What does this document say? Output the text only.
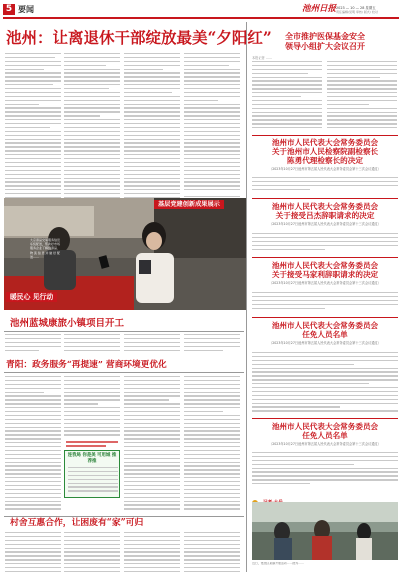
5 要闻	池州日报 2023 — 10 — 28 星期五
责任编辑/吴明 审核/ 版式/ 校对
池州：让离退休干部绽放最美“夕阳红”	全市推护医保基金安全
领导小组扩大会议召开
本报记者 ……
池州市人民代表大会常务委员会
关于池州市人民检察院副检察长
陈勇代理检察长的决定
（2023年10月27日池州市第五届人民代表大会常务委员会第十三次会议通过）
池州市人民代表大会常务委员会
关于接受吕杰辞职请求的决定
（2023年10月27日池州市第五届人民代表大会常务委员会第十三次会议通过）
池州市人民代表大会常务委员会
关于接受马家利辞职请求的决定
（2023年10月27日池州市第五届人民代表大会常务委员会第十三次会议通过）
池州市人民代表大会常务委员会
任免人员名单
（2023年10月27日池州市第五届人民代表大会常务委员会第十三次会议通过）
池州市人民代表大会常务委员会
任免人员名单
（2023年10月27日池州市第五届人民代表大会常务委员会第十三次会议通过）
基层党建创新成果展示
暖民心 见行动
大宗商品交易服务信息系统配送，帮助好市场服务企业了解到商品、物流信息并做好配送……
池州蓝城康旅小镇项目开工
青阳：政务服务“再提速” 营商环境更优化
连我局 你是美 可用城 推荐推
村舍互惠合作，让困废有“家”可归
近日，贵池区某镇开展活动……图为……
